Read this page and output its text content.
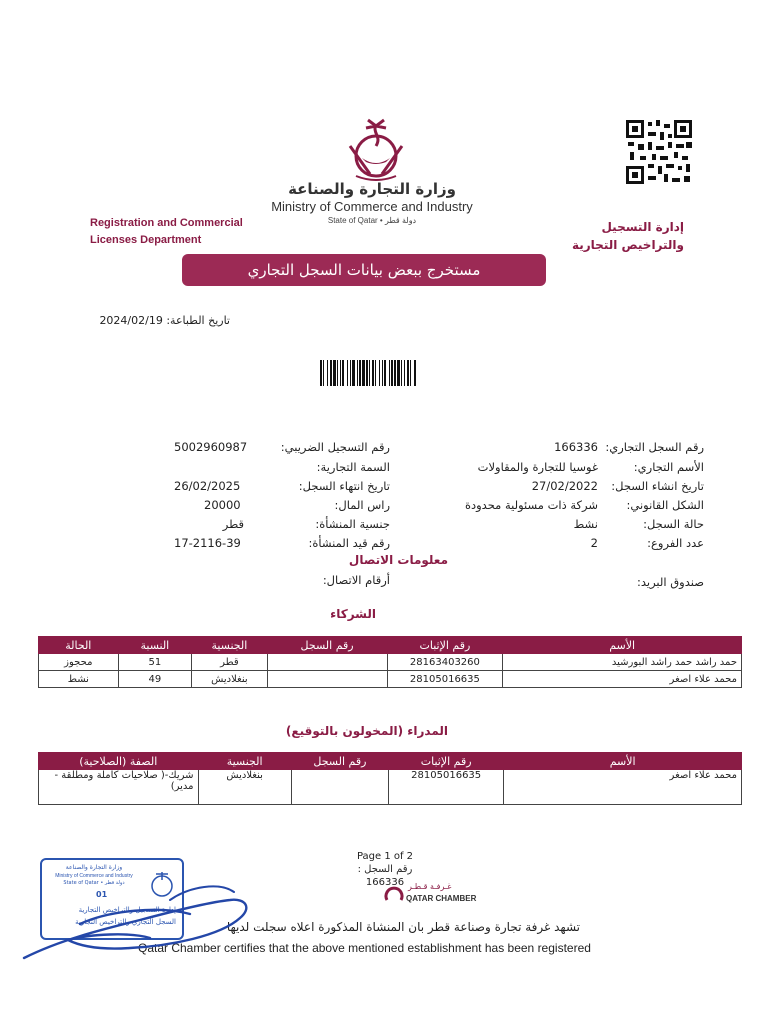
وزارة التجارة والصناعة
Ministry of Commerce and Industry
State of Qatar • دولة قطر
Registration and Commercial
Licenses Department
إدارة التسجيل
والتراخيص التجارية
مستخرج ببعض بيانات السجل التجاري
تاريخ الطباعة: 2024/02/19
رقم السجل التجاري:
166336
الأسم التجاري:
غوسيا للتجارة والمقاولات
تاريخ انشاء السجل:
27/02/2022
الشكل القانوني:
شركة ذات مسئولية محدودة
حالة السجل:
نشط
عدد الفروع:
2
رقم التسجيل الضريبي:
5002960987
السمة التجارية:
تاريخ انتهاء السجل:
26/02/2025
راس المال:
20000
جنسية المنشأة:
قطر
رقم قيد المنشأة:
17-2116-39
معلومات الاتصال
صندوق البريد:
أرقام الاتصال:
الشركاء
الأسم	رقم الإثبات	رقم السجل	الجنسية	النسبة	الحالة
حمد راشد حمد راشد البورشيد	28163403260		قطر	51	محجوز
محمد علاء اصغر	28105016635		بنغلاديش	49	نشط
المدراء (المخولون بالتوقيع)
الأسم	رقم الإثبات	رقم السجل	الجنسية	الصفة (الصلاحية)
محمد علاء اصغر	28105016635		بنغلاديش	شريك-( صلاحيات كاملة ومطلقة - مدير)
Page 1 of 2
رقم السجل :
166336 غـرفـة قـطـر
QATAR CHAMBER
تشهد غرفة تجارة وصناعة قطر بان المنشاة المذكورة اعلاه سجلت لديها
Qatar Chamber certifies that the above mentioned establishment has been registered
وزارة التجارة والصناعة
Ministry of Commerce and Industry
State of Qatar • دولة قطر
01
إدارة التسجيل والتراخيص التجارية
السجل التجاري والتراخيص التجارية
